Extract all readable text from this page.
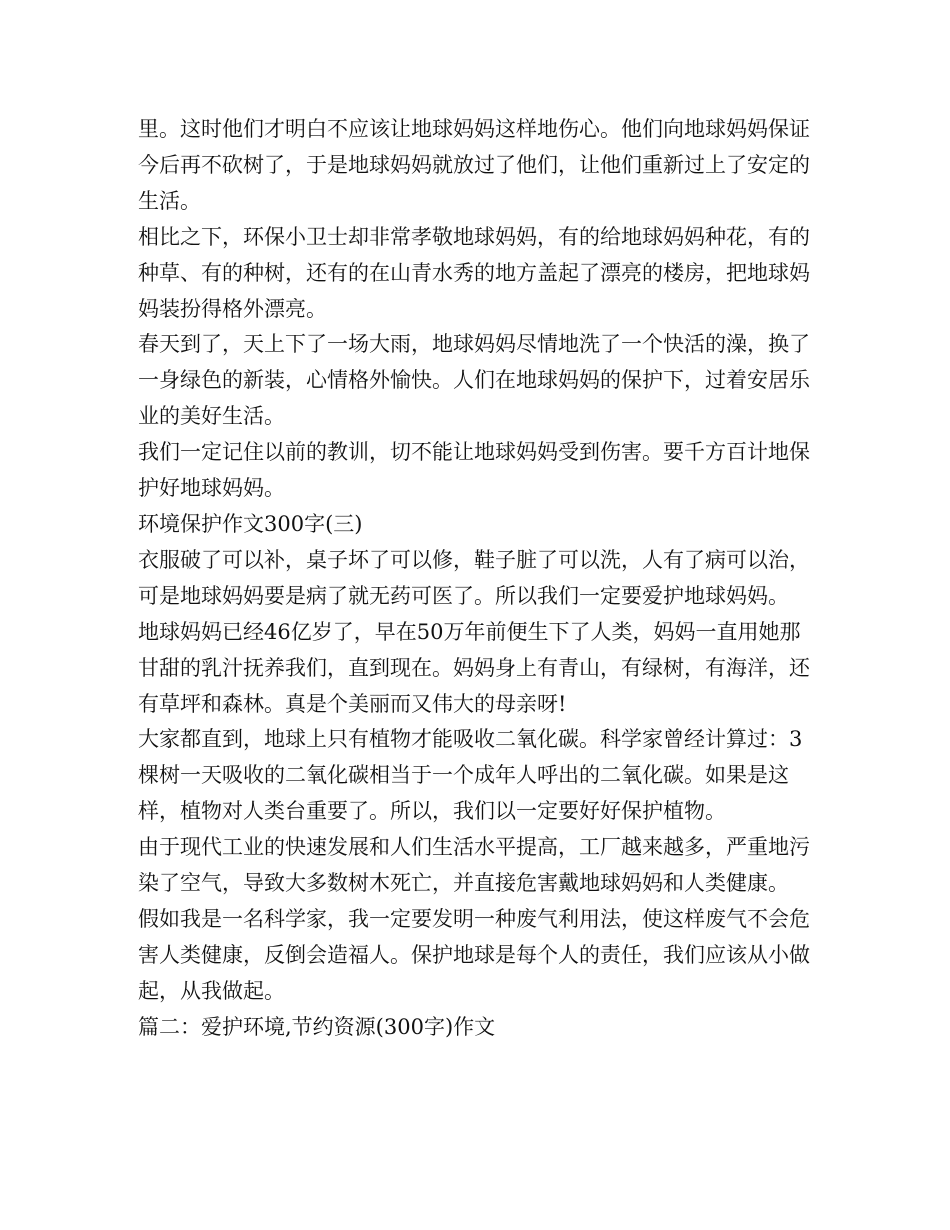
里。这时他们才明白不应该让地球妈妈这样地伤心。他们向地球妈妈保证今后再不砍树了，于是地球妈妈就放过了他们，让他们重新过上了安定的生活。

相比之下，环保小卫士却非常孝敬地球妈妈，有的给地球妈妈种花，有的种草、有的种树，还有的在山青水秀的地方盖起了漂亮的楼房，把地球妈妈装扮得格外漂亮。

春天到了，天上下了一场大雨，地球妈妈尽情地洗了一个快活的澡，换了一身绿色的新装，心情格外愉快。人们在地球妈妈的保护下，过着安居乐业的美好生活。

我们一定记住以前的教训，切不能让地球妈妈受到伤害。要千方百计地保护好地球妈妈。

环境保护作文300字(三)

衣服破了可以补，桌子坏了可以修，鞋子脏了可以洗，人有了病可以治，可是地球妈妈要是病了就无药可医了。所以我们一定要爱护地球妈妈。

地球妈妈已经46亿岁了，早在50万年前便生下了人类，妈妈一直用她那甘甜的乳汁抚养我们，直到现在。妈妈身上有青山，有绿树，有海洋，还有草坪和森林。真是个美丽而又伟大的母亲呀!

大家都直到，地球上只有植物才能吸收二氧化碳。科学家曾经计算过：3棵树一天吸收的二氧化碳相当于一个成年人呼出的二氧化碳。如果是这样，植物对人类台重要了。所以，我们以一定要好好保护植物。

由于现代工业的快速发展和人们生活水平提高，工厂越来越多，严重地污染了空气，导致大多数树木死亡，并直接危害戴地球妈妈和人类健康。

假如我是一名科学家，我一定要发明一种废气利用法，使这样废气不会危害人类健康，反倒会造福人。保护地球是每个人的责任，我们应该从小做起，从我做起。

篇二：爱护环境,节约资源(300字)作文
